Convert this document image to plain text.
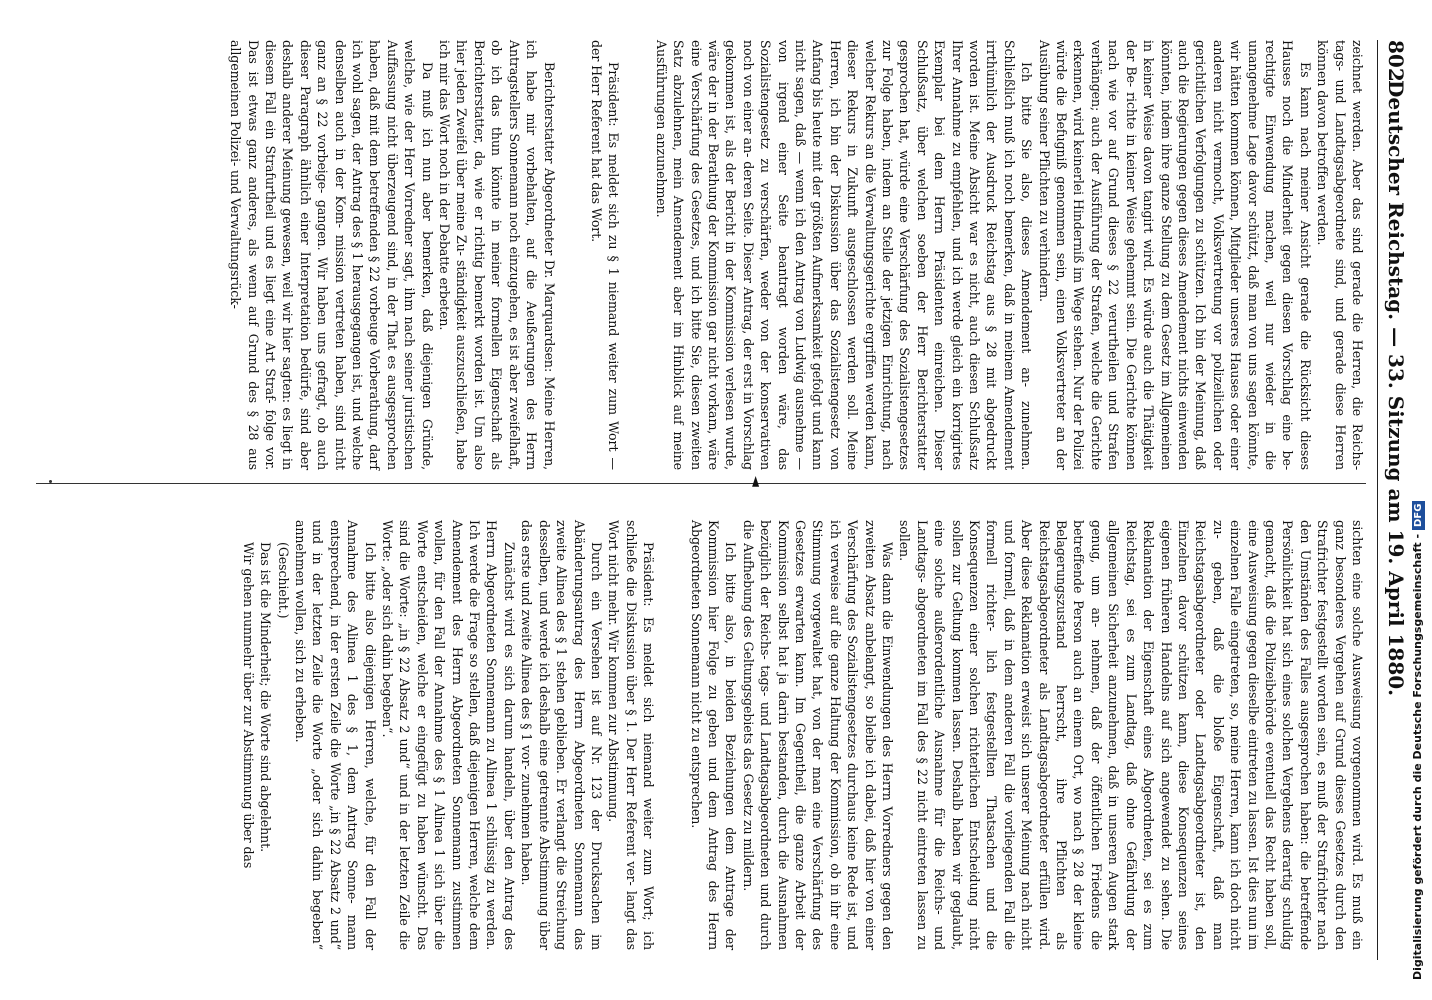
802
Deutscher Reichstag. — 33. Sitzung am 19. April 1880.

zeichnet werden. Aber das sind gerade die Herren, die Reichs- tags- und Landtagsabgeordnete sind, und gerade diese Herren können davon betroffen werden.

Es kann nach meiner Ansicht gerade die Rücksicht dieses Hauses noch die Minderheit gegen diesen Vorschlag eine be- rechtigte Einwendung machen, weil nur wieder in die unangenehme Lage davor schützt, daß man von uns sagen könnte, wir hätten kommen können, Mitglieder unseres Hauses oder einer anderen nicht vermocht, Volksvertretung vor polizeilichen oder gerichtlichen Verfolgungen zu schützen. Ich bin der Meinung, daß auch die Regierungen gegen dieses Amendement nichts einwenden könnten, indem ihre ganze Stellung zu dem Gesetz im Allgemeinen in keiner Weise davon tangirt wird. Es würde auch die Thätigkeit der Be- richte in keiner Weise gehemmt sein. Die Gerichte können nach wie vor auf Grund dieses § 22 verurtheilen und Strafen verhängen; auch der Ausführung der Strafen, welche die Gerichte erkennen, wird keinerlei Hinderniß im Wege stehen. Nur der Polizei würde die Befugniß genommen sein, einen Volksvertreter an der Ausübung seiner Pflichten zu verhindern.

Ich bitte Sie also, dieses Amendement an- zunehmen. Schließlich muß ich noch bemerken, daß in meinem Amendement irrthümlich der Ausdruck Reichstag aus § 28 mit abgedruckt worden ist. Meine Absicht war es nicht, auch diesen Schlußsatz Ihrer Annahme zu empfehlen, und ich werde gleich ein korrigirtes Exemplar bei dem Herrn Präsidenten einreichen. Dieser Schlußsatz, über welchen soeben der Herr Berichterstatter gesprochen hat, würde eine Verschärfung des Sozialistengesetzes zur Folge haben, indem an Stelle der jetzigen Einrichtung, nach welcher Rekurs an die Verwaltungsgerichte ergriffen werden kann, dieser Rekurs in Zukunft ausgeschlossen werden soll. Meine Herren, ich bin der Diskussion über das Sozialistengesetz von Anfang bis heute mit der größten Aufmerksamkeit gefolgt und kann nicht sagen, daß — wenn ich den Antrag von Ludwig ausnehme — von irgend einer Seite beantragt worden wäre, das Sozialistengesetz zu verschärfen, weder von der konservativen noch von einer an- deren Seite. Dieser Antrag, der erst in Vorschlag gekommen ist, als der Bericht in der Kommission verlesen wurde, wäre der in der Berathung der Kommission gar nicht vorkam, wäre eine Verschärfung des Gesetzes, und ich bitte Sie, diesen zweiten Satz abzulehnen, mein Amendement aber im Hinblick auf meine Ausführungen anzunehmen.

Präsident: Es meldet sich zu § 1 niemand weiter zum Wort — der Herr Referent hat das Wort.

Berichterstatter Abgeordneter Dr. Marquardsen: Meine Herren, ich habe mir vorbehalten, auf die Aeußerungen des Herrn Antragstellers Sonnemann noch einzugehen, es ist aber zweifelhaft, ob ich das thun könnte in meiner formellen Eigenschaft als Berichterstatter, da, wie er richtig bemerkt worden ist. Um also hier jeden Zweifel über meine Zu- ständigkeit auszuschließen, habe ich mir das Wort noch in der Debatte erbeten.

Da muß ich nun aber bemerken, daß diejenigen Gründe, welche, wie der Herr Vorredner sagt, ihm nach seiner juristischen Auffassung nicht überzeugend sind, in der That es ausgesprochen haben, daß mit dem betreffenden § 22 vorbeuge Vorberathung, darf ich wohl sagen, der Antrag des § 1 herausgegangen ist, und welche denselben auch in der Kom- mission vertreten haben, sind nicht ganz an § 22 vorbeige- gangen. Wir haben uns gefragt, ob auch dieser Paragraph ähnlich einer Interpretation bedürfe, sind aber deshalb anderer Meinung gewesen, weil wir hier sagten: es liegt in diesem Fall ein Strafurtheil und es liegt eine Art Straf- folge vor. Das ist etwas ganz anderes, als wenn auf Grund des § 28 aus allgemeinen Polizei- und Verwaltungsrück-

◄

sichten eine solche Ausweisung vorgenommen wird. Es muß ein ganz besonderes Vergehen auf Grund dieses Gesetzes durch den Strafrichter festgestellt worden sein, es muß der Strafrichter nach den Umständen des Falles ausgesprochen haben: die betreffende Persönlichkeit hat sich eines solchen Vergehens derartig schuldig gemacht, daß die Polizeibehörde eventuell das Recht haben soll, eine Ausweisung gegen dieselbe eintreten zu lassen. Ist dies nun im einzelnen Falle eingetreten, so, meine Herren, kann ich doch nicht zu- geben, daß die bloße Eigenschaft, daß man Reichstagsabgeordneter oder Landtagsabgeordneter ist, den Einzelnen davor schützen kann, diese Konsequenzen seines eigenen früheren Handelns auf sich angewendet zu sehen. Die Reklamation der Eigenschaft eines Abgeordneten, sei es zum Reichstag, sei es zum Landtag, daß ohne Gefährdung der allgemeinen Sicherheit anzunehmen, daß in unseren Augen stark genug, um an- nehmen, daß der öffentlichen Friedens die betreffende Person auch an einem Ort, wo nach § 28 der kleine Belagerungszustand herrscht, ihre Pflichten als Reichstagsabgeordneter als Landtagsabgeordneter erfüllen wird. Aber diese Reklamation erweist sich unserer Meinung nach nicht und formell, daß in dem anderen Fall die vorliegenden Fall die formell richter- lich festgestellten Thatsachen und die Konsequenzen einer solchen richterlichen Entscheidung nicht sollen zur Geltung kommen lassen. Deshalb haben wir geglaubt, eine solche außerordentliche Ausnahme für die Reichs- und Landtags- abgeordneten im Fall des § 22 nicht eintreten lassen zu sollen.

Was dann die Einwendungen des Herrn Vorredners gegen den zweiten Absatz anbelangt, so bleibe ich dabei, daß hier von einer Verschärfung des Sozialistengesetzes durchaus keine Rede ist, und ich verweise auf die ganze Haltung der Kommission, ob in ihr eine Stimmung vorgewaltet hat, von der man eine Verschärfung des Gesetzes erwarten kann. Im Gegentheil, die ganze Arbeit der Kommission selbst hat ja darin bestanden, durch die Ausnahmen bezüglich der Reichs- tags- und Landtagsabgeordneten und durch die Aufhebung des Geltungsgebiets das Gesetz zu mildern.

Ich bitte also, in beiden Beziehungen dem Antrage der Kommission hier Folge zu geben und dem Antrag des Herrn Abgeordneten Sonnemann nicht zu entsprechen.

Präsident: Es meldet sich niemand weiter zum Wort; ich schließe die Diskussion über § 1. Der Herr Referent ver- langt das Wort nicht mehr. Wir kommen zur Abstimmung.

Durch ein Versehen ist auf Nr. 123 der Drucksachen im Abänderungsantrag des Herrn Abgeordneten Sonnemann das zweite Alinea des § 1 stehen geblieben. Er verlangt die Streichung desselben, und werde ich deshalb eine getrennte Abstimmung über das erste und zweite Alinea des § 1 vor- zunehmen haben.

Zunächst wird es sich darum handeln, über den Antrag des Herrn Abgeordneten Sonnemann zu Alinea 1 schlüssig zu werden. Ich werde die Frage so stellen, daß diejenigen Herren, welche dem Amendement des Herrn Abgeordneten Sonnemann zustimmen wollen, für den Fall der Annahme des § 1 Alinea 1 sich über die Worte entscheiden, welche er eingefügt zu haben wünscht. Das sind die Worte: „in § 22 Absatz 2 und“ und in der letzten Zeile die Worte: „oder sich dahin begeben“.

Ich bitte also diejenigen Herren, welche, für den Fall der Annahme des Alinea 1 des § 1, dem Antrag Sonne- mann entsprechend, in der ersten Zeile die Worte „in § 22 Absatz 2 und“ und in der letzten Zeile die Worte „oder sich dahin begeben“ annehmen wollen, sich zu erheben.

(Geschieht.)

Das ist die Minderheit; die Worte sind abgelehnt.

Wir gehen nunmehr über zur Abstimmung über das	Digitalisierung gefördert durch die Deutsche Forschungsgemeinschaft -DFG
